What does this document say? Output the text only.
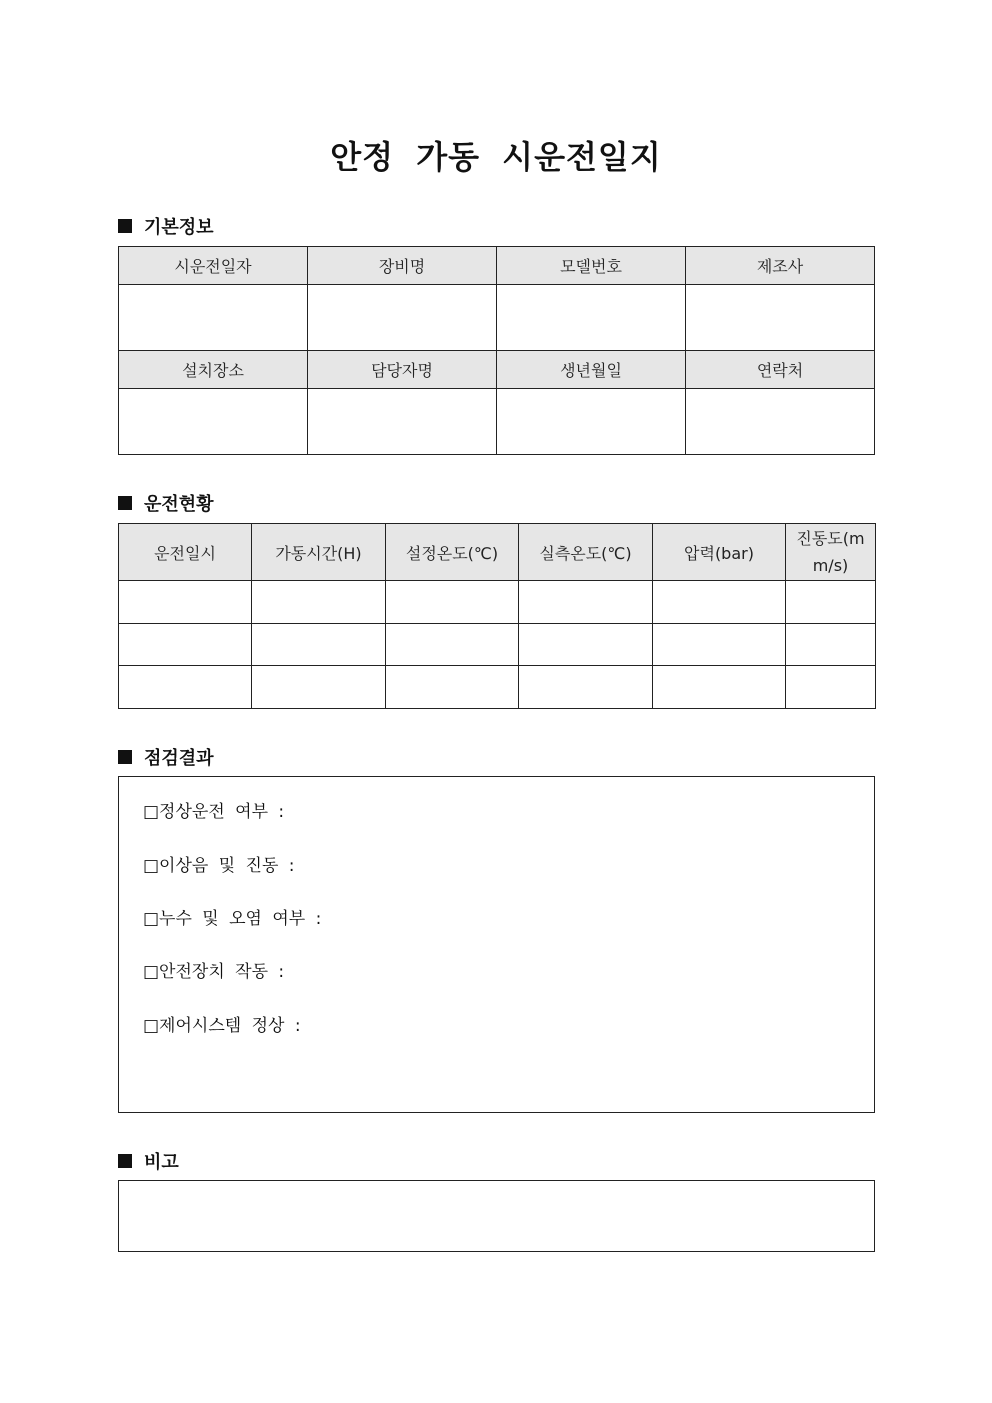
안정 가동 시운전일지
기본정보
시운전일자	장비명	모델번호	제조사

설치장소	담당자명	생년월일	연락처

운전현황
운전일시	가동시간(H)	설정온도(℃)	실측온도(℃)	압력(bar)	진동도(mm/s)

점검결과
□정상운전 여부 :
□이상음 및 진동 :
□누수 및 오염 여부 :
□안전장치 작동 :
□제어시스템 정상 :
비고
